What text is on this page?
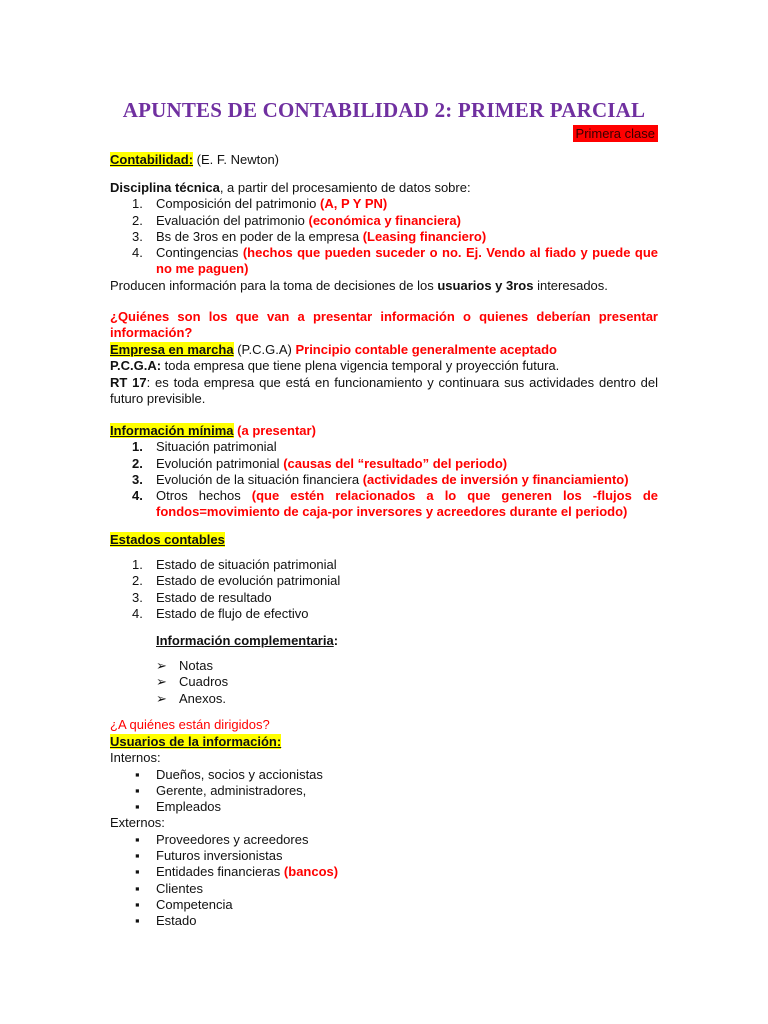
APUNTES DE CONTABILIDAD 2: PRIMER PARCIAL
Primera clase
Contabilidad: (E. F. Newton)
Disciplina técnica, a partir del procesamiento de datos sobre:
1.	Composición del patrimonio (A, P Y PN)
2.	Evaluación del patrimonio (económica y financiera)
3.	Bs de 3ros en poder de la empresa (Leasing financiero)
4.	Contingencias (hechos que pueden suceder o no. Ej. Vendo al fiado y puede que no me paguen)
Producen información para la toma de decisiones de los usuarios y 3ros interesados.
¿Quiénes son los que van a presentar información o quienes deberían presentar información?
Empresa en marcha (P.C.G.A) Principio contable generalmente aceptado
P.C.G.A: toda empresa que tiene plena vigencia temporal y proyección futura.
RT 17: es toda empresa que está en funcionamiento y continuara sus actividades dentro del futuro previsible.
Información mínima (a presentar)
1.	Situación patrimonial
2.	Evolución patrimonial (causas del “resultado” del periodo)
3.	Evolución de la situación financiera (actividades de inversión y financiamiento)
4.	Otros hechos (que estén relacionados a lo que generen los -flujos de fondos=movimiento de caja-por inversores y acreedores durante el periodo)
Estados contables
1.	Estado de situación patrimonial
2.	Estado de evolución patrimonial
3.	Estado de resultado
4.	Estado de flujo de efectivo
Información complementaria:
➢ Notas
➢ Cuadros
➢ Anexos.
¿A quiénes están dirigidos?
Usuarios de la información:
Internos:
▪	Dueños, socios y accionistas
▪	Gerente, administradores,
▪	Empleados
Externos:
▪	Proveedores y acreedores
▪	Futuros inversionistas
▪	Entidades financieras (bancos)
▪	Clientes
▪	Competencia
▪	Estado
